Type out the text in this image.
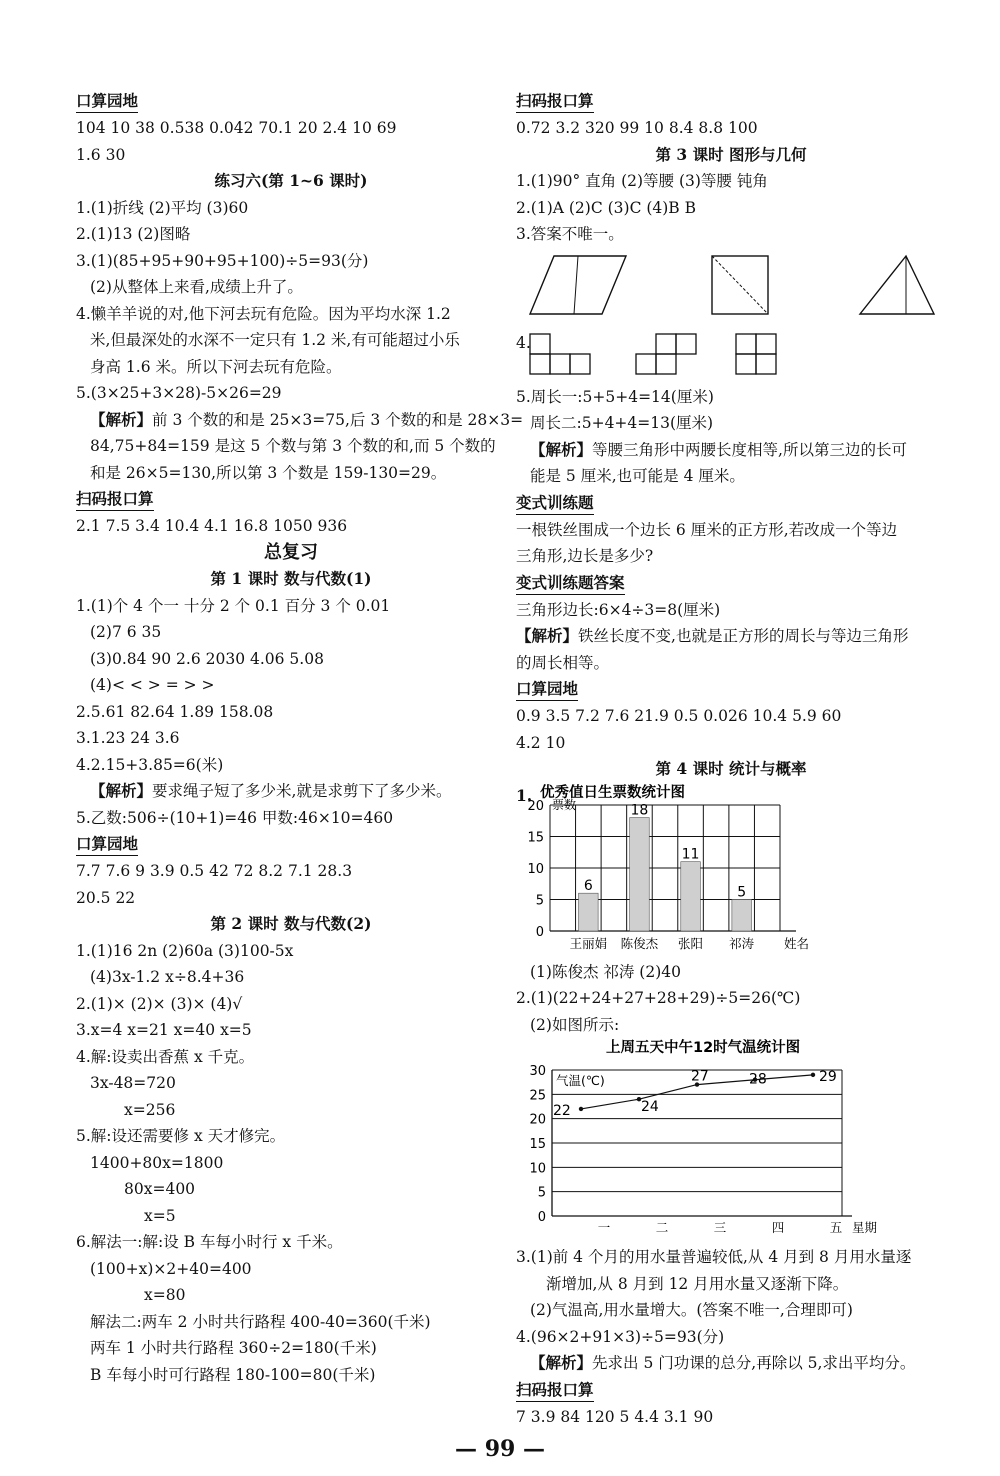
口算园地
104 10 38 0.538 0.042 70.1 20 2.4 10 69
1.6 30
练习六(第 1~6 课时)
1.(1)折线 (2)平均 (3)60
2.(1)13 (2)图略
3.(1)(85+95+90+95+100)÷5=93(分)
(2)从整体上来看,成绩上升了。
4.懒羊羊说的对,他下河去玩有危险。因为平均水深 1.2
米,但最深处的水深不一定只有 1.2 米,有可能超过小乐
身高 1.6 米。所以下河去玩有危险。
5.(3×25+3×28)-5×26=29
【 解析 】 前 3 个数的和是 25×3=75,后 3 个数的和是 28×3=
84,75+84=159 是这 5 个数与第 3 个数的和,而 5 个数的
和是 26×5=130,所以第 3 个数是 159-130=29。
扫码报口算
2.1 7.5 3.4 10.4 4.1 16.8 1050 936
总复习
第 1 课时 数与代数(1)
1.(1)个 4 个一 十分 2 个 0.1 百分 3 个 0.01
(2)7 6 35
(3)0.84 90 2.6 2030 4.06 5.08
(4)< < > = > >
2.5.61 82.64 1.89 158.08
3.1.23 24 3.6
4.2.15+3.85=6(米)
【 解析 】 要求绳子短了多少米,就是求剪下了多少米。
5.乙数:506÷(10+1)=46 甲数:46×10=460
口算园地
7.7 7.6 9 3.9 0.5 42 72 8.2 7.1 28.3
20.5 22
第 2 课时 数与代数(2)
1.(1)16 2n (2)60a (3)100-5x
(4)3x-1.2 x÷8.4+36
2.(1)× (2)× (3)× (4)√
3.x=4 x=21 x=40 x=5
4.解:设卖出香蕉 x 千克。
3x-48=720
x=256
5.解:设还需要修 x 天才修完。
1400+80x=1800
80x=400
x=5
6.解法一:解:设 B 车每小时行 x 千米。
(100+x)×2+40=400
x=80
解法二:两车 2 小时共行路程 400-40=360(千米)
两车 1 小时共行路程 360÷2=180(千米)
B 车每小时可行路程 180-100=80(千米)
扫码报口算
0.72 3.2 320 99 10 8.4 8.8 100
第 3 课时 图形与几何
1.(1)90° 直角 (2)等腰 (3)等腰 钝角
2.(1)A (2)C (3)C (4)B B
3.答案不唯一。
4.
5.周长一:5+5+4=14(厘米)
周长二:5+4+4=13(厘米)
【 解析 】 等腰三角形中两腰长度相等,所以第三边的长可
能是 5 厘米,也可能是 4 厘米。
变式训练题
一根铁丝围成一个边长 6 厘米的正方形,若改成一个等边
三角形,边长是多少?
变式训练题答案
三角形边长:6×4÷3=8(厘米)
【 解析 】 铁丝长度不变,也就是正方形的周长与等边三角形
的周长相等。
口算园地
0.9 3.5 7.2 7.6 21.9 0.5 0.026 10.4 5.9 60
4.2 10
第 4 课时 统计与概率
1. 优秀值日生票数统计图
票数
0
5
10
15
20
6
王丽娟
18
陈俊杰
11
张阳
5
祁涛 姓名
(1)陈俊杰 祁涛 (2)40
2.(1)(22+24+27+28+29)÷5=26(℃)
(2)如图所示:
上周五天中午12时气温统计图
0
5
10
15
20
25
30
气温(℃)
22
一
24
二
27
三
28
四
29
五 星期
3.(1)前 4 个月的用水量普遍较低,从 4 月到 8 月用水量逐
渐增加,从 8 月到 12 月用水量又逐渐下降。
(2)气温高,用水量增大。(答案不唯一,合理即可)
4.(96×2+91×3)÷5=93(分)
【 解析 】 先求出 5 门功课的总分,再除以 5,求出平均分。
扫码报口算
7 3.9 84 120 5 4.4 3.1 90
— 99 —
